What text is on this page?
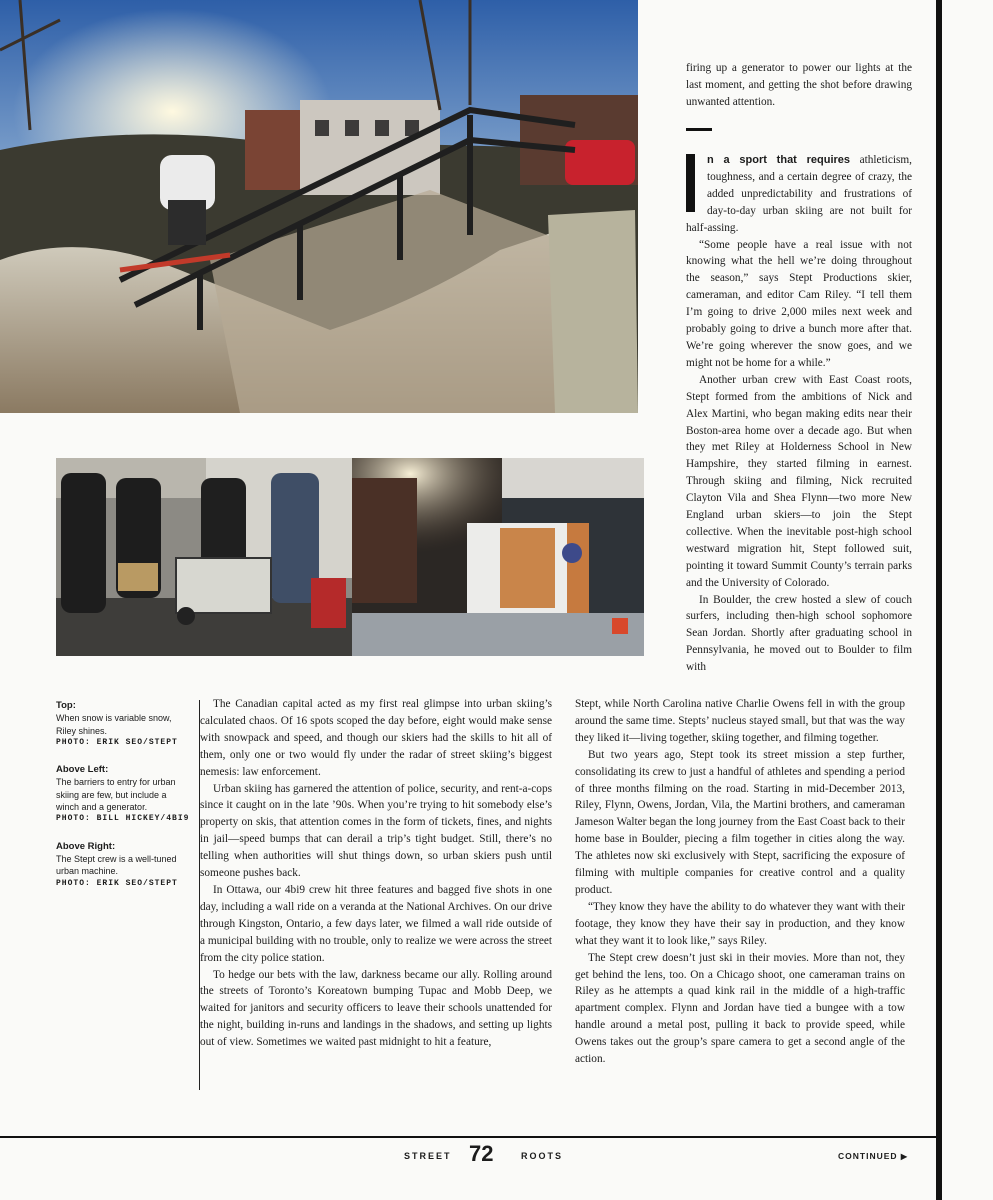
firing up a generator to power our lights at the last moment, and getting the shot before drawing unwanted attention.

n a sport that requires athleticism, toughness, and a certain degree of crazy, the added unpredictability and frustrations of day-to-day urban skiing are not built for half-assing.

“Some people have a real issue with not knowing what the hell we’re doing throughout the season,” says Stept Productions skier, cameraman, and editor Cam Riley. “I tell them I’m going to drive 2,000 miles next week and probably going to drive a bunch more after that. We’re going wherever the snow goes, and we might not be home for a while.”

Another urban crew with East Coast roots, Stept formed from the ambitions of Nick and Alex Martini, who began making edits near their Boston-area home over a decade ago. But when they met Riley at Holderness School in New Hampshire, they started filming in earnest. Through skiing and filming, Nick recruited Clayton Vila and Shea Flynn—two more New England urban skiers—to join the Stept collective. When the inevitable post-high school westward migration hit, Stept followed suit, pointing it toward Summit County’s terrain parks and the University of Colorado.

In Boulder, the crew hosted a slew of couch surfers, including then-high school sophomore Sean Jordan. Shortly after graduating school in Pennsylvania, he moved out to Boulder to film with

Top:
When snow is variable snow, Riley shines.
PHOTO: ERIK SEO/STEPT
Above Left:
The barriers to entry for urban skiing are few, but include a winch and a generator.
PHOTO: BILL HICKEY/4BI9
Above Right:
The Stept crew is a well-tuned urban machine.
PHOTO: ERIK SEO/STEPT

The Canadian capital acted as my first real glimpse into urban skiing’s calculated chaos. Of 16 spots scoped the day before, eight would make sense with snowpack and speed, and though our skiers had the skills to hit all of them, only one or two would fly under the radar of street skiing’s biggest nemesis: law enforcement.

Urban skiing has garnered the attention of police, security, and rent-a-cops since it caught on in the late ’90s. When you’re trying to hit somebody else’s property on skis, that attention comes in the form of tickets, fines, and nights in jail—speed bumps that can derail a trip’s tight budget. Still, there’s no telling when authorities will shut things down, so urban skiers push until someone pushes back.

In Ottawa, our 4bi9 crew hit three features and bagged five shots in one day, including a wall ride on a veranda at the National Archives. On our drive through Kingston, Ontario, a few days later, we filmed a wall ride outside of a municipal building with no trouble, only to realize we were across the street from the city police station.

To hedge our bets with the law, darkness became our ally. Rolling around the streets of Toronto’s Koreatown bumping Tupac and Mobb Deep, we waited for janitors and security officers to leave their schools unattended for the night, building in-runs and landings in the shadows, and setting up lights out of view. Sometimes we waited past midnight to hit a feature,

Stept, while North Carolina native Charlie Owens fell in with the group around the same time. Stepts’ nucleus stayed small, but that was the way they liked it—living together, skiing together, and filming together.

But two years ago, Stept took its street mission a step further, consolidating its crew to just a handful of athletes and spending a period of three months filming on the road. Starting in mid-December 2013, Riley, Flynn, Owens, Jordan, Vila, the Martini brothers, and cameraman Jameson Walter began the long journey from the East Coast back to their home base in Boulder, piecing a film together in cities along the way. The athletes now ski exclusively with Stept, sacrificing the exposure of filming with multiple companies for creative control and a quality product.

“They know they have the ability to do whatever they want with their footage, they know they have their say in production, and they know what they want it to look like,” says Riley.

The Stept crew doesn’t just ski in their movies. More than not, they get behind the lens, too. On a Chicago shoot, one cameraman trains on Riley as he attempts a quad kink rail in the middle of a high-traffic apartment complex. Flynn and Jordan have tied a bungee with a tow handle around a metal post, pulling it back to provide speed, while Owens takes out the group’s spare camera to get a second angle of the action.

STREET 72	ROOTS	CONTINUED ▶
